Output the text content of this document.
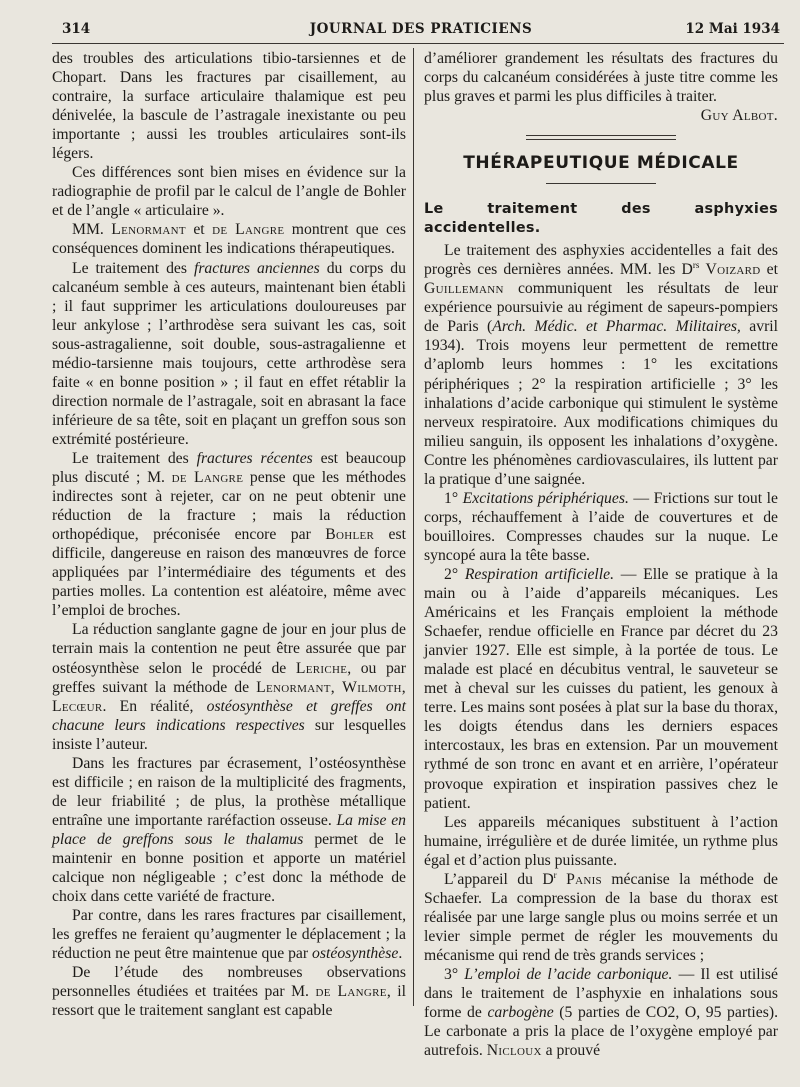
314	JOURNAL DES PRATICIENS	12 Mai 1934

des troubles des articulations tibio-tarsiennes et de Chopart. Dans les fractures par cisaillement, au contraire, la surface articulaire thalamique est peu dénivelée, la bascule de l’astragale inexistante ou peu importante ; aussi les troubles articulaires sont-ils légers.

Ces différences sont bien mises en évidence sur la radiographie de profil par le calcul de l’angle de Bohler et de l’angle « articulaire ».

MM. Lenormant et de Langre montrent que ces conséquences dominent les indications thérapeutiques.

Le traitement des fractures anciennes du corps du calcanéum semble à ces auteurs, maintenant bien établi ; il faut supprimer les articulations douloureuses par leur ankylose ; l’arthrodèse sera suivant les cas, soit sous-astragalienne, soit double, sous-astragalienne et médio-tarsienne mais toujours, cette arthrodèse sera faite « en bonne position » ; il faut en effet rétablir la direction normale de l’astragale, soit en abrasant la face inférieure de sa tête, soit en plaçant un greffon sous son extrémité postérieure.

Le traitement des fractures récentes est beaucoup plus discuté ; M. de Langre pense que les méthodes indirectes sont à rejeter, car on ne peut obtenir une réduction de la fracture ; mais la réduction orthopédique, préconisée encore par Bohler est difficile, dangereuse en raison des manœuvres de force appliquées par l’intermédiaire des téguments et des parties molles. La contention est aléatoire, même avec l’emploi de broches.

La réduction sanglante gagne de jour en jour plus de terrain mais la contention ne peut être assurée que par ostéosynthèse selon le procédé de Leriche, ou par greffes suivant la méthode de Lenormant, Wilmoth, Lecœur. En réalité, ostéosynthèse et greffes ont chacune leurs indications respectives sur lesquelles insiste l’auteur.

Dans les fractures par écrasement, l’ostéosynthèse est difficile ; en raison de la multiplicité des fragments, de leur friabilité ; de plus, la prothèse métallique entraîne une importante raréfaction osseuse. La mise en place de greffons sous le thalamus permet de le maintenir en bonne position et apporte un matériel calcique non négligeable ; c’est donc la méthode de choix dans cette variété de fracture.

Par contre, dans les rares fractures par cisaillement, les greffes ne feraient qu’augmenter le déplacement ; la réduction ne peut être maintenue que par ostéosynthèse.

De l’étude des nombreuses observations personnelles étudiées et traitées par M. de Langre, il ressort que le traitement sanglant est capable

d’améliorer grandement les résultats des fractures du corps du calcanéum considérées à juste titre comme les plus graves et parmi les plus difficiles à traiter.

Guy Albot.

THÉRAPEUTIQUE MÉDICALE
Le traitement des asphyxies accidentelles.

Le traitement des asphyxies accidentelles a fait des progrès ces dernières années. MM. les $D^{rs}$ Voizard et Guillemann communiquent les résultats de leur expérience poursuivie au régiment de sapeurs-pompiers de Paris (Arch. Médic. et Pharmac. Militaires, avril 1934). Trois moyens leur permettent de remettre d’aplomb leurs hommes : 1° les excitations périphériques ; 2° la respiration artificielle ; 3° les inhalations d’acide carbonique qui stimulent le système nerveux respiratoire. Aux modifications chimiques du milieu sanguin, ils opposent les inhalations d’oxygène. Contre les phénomènes cardiovasculaires, ils luttent par la pratique d’une saignée.

1° Excitations périphériques. — Frictions sur tout le corps, réchauffement à l’aide de couvertures et de bouilloires. Compresses chaudes sur la nuque. Le syncopé aura la tête basse.

2° Respiration artificielle. — Elle se pratique à la main ou à l’aide d’appareils mécaniques. Les Américains et les Français emploient la méthode Schaefer, rendue officielle en France par décret du 23 janvier 1927. Elle est simple, à la portée de tous. Le malade est placé en décubitus ventral, le sauveteur se met à cheval sur les cuisses du patient, les genoux à terre. Les mains sont posées à plat sur la base du thorax, les doigts étendus dans les derniers espaces intercostaux, les bras en extension. Par un mouvement rythmé de son tronc en avant et en arrière, l’opérateur provoque expiration et inspiration passives chez le patient.

Les appareils mécaniques substituent à l’action humaine, irrégulière et de durée limitée, un rythme plus égal et d’action plus puissante.

L’appareil du $D^r$ Panis mécanise la méthode de Schaefer. La compression de la base du thorax est réalisée par une large sangle plus ou moins serrée et un levier simple permet de régler les mouvements du mécanisme qui rend de très grands services ;

3° L’emploi de l’acide carbonique. — Il est utilisé dans le traitement de l’asphyxie en inhalations sous forme de carbogène (5 parties de CO2, O, 95 parties). Le carbonate a pris la place de l’oxygène employé par autrefois. Nicloux a prouvé
